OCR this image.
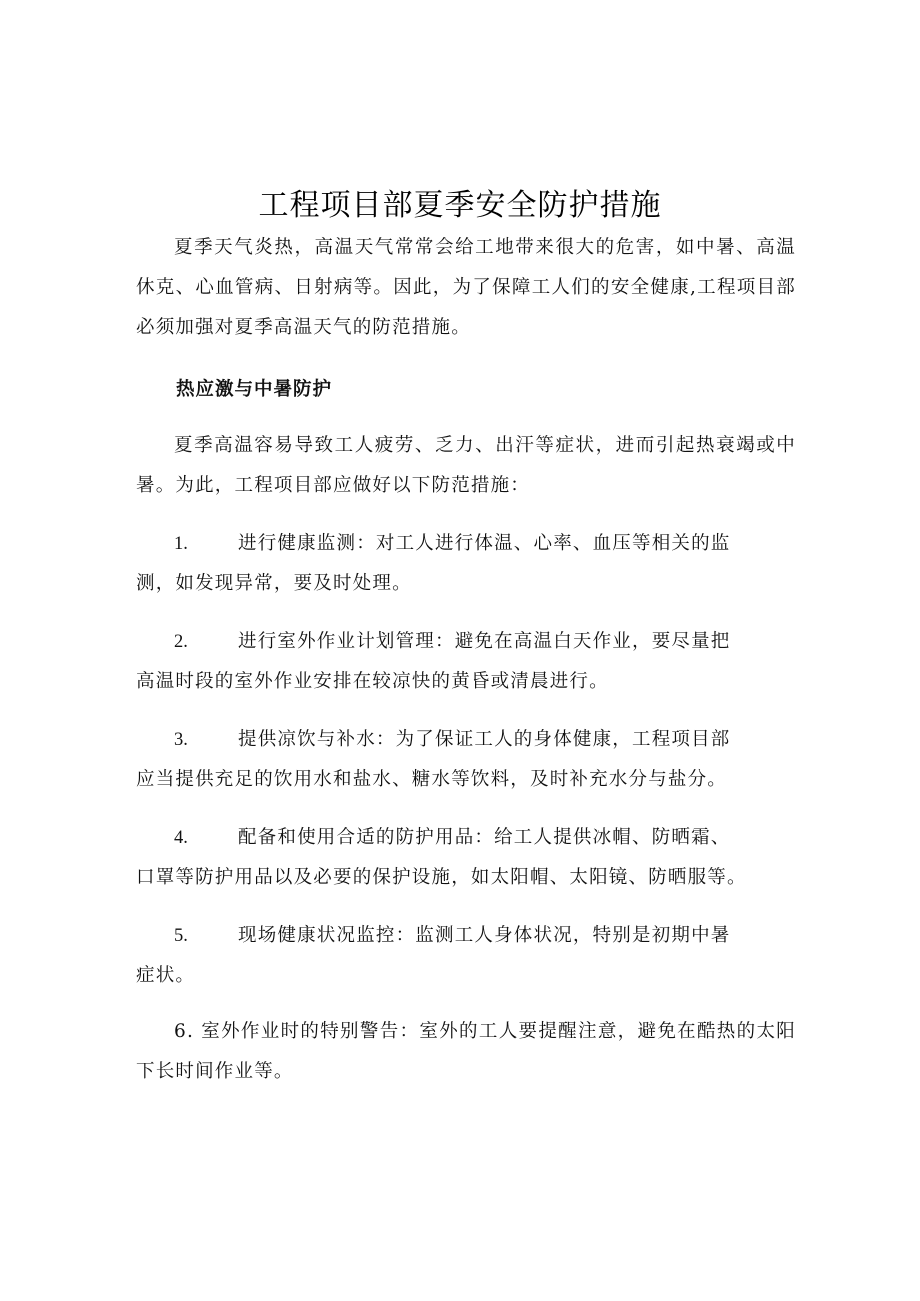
工程项目部夏季安全防护措施
夏季天气炎热，高温天气常常会给工地带来很大的危害，如中暑、高温休克、心血管病、日射病等。因此，为了保障工人们的安全健康,工程项目部必须加强对夏季高温天气的防范措施。
热应激与中暑防护
夏季高温容易导致工人疲劳、乏力、出汗等症状，进而引起热衰竭或中暑。为此，工程项目部应做好以下防范措施：
1.	进行健康监测：对工人进行体温、心率、血压等相关的监
测，如发现异常，要及时处理。
2.	进行室外作业计划管理：避免在高温白天作业，要尽量把
高温时段的室外作业安排在较凉快的黄昏或清晨进行。
3.	提供凉饮与补水：为了保证工人的身体健康，工程项目部
应当提供充足的饮用水和盐水、糖水等饮料，及时补充水分与盐分。
4.	配备和使用合适的防护用品：给工人提供冰帽、防晒霜、
口罩等防护用品以及必要的保护设施，如太阳帽、太阳镜、防晒服等。
5.	现场健康状况监控：监测工人身体状况，特别是初期中暑
症状。
6. 室外作业时的特别警告：室外的工人要提醒注意，避免在酷热的太阳下长时间作业等。
